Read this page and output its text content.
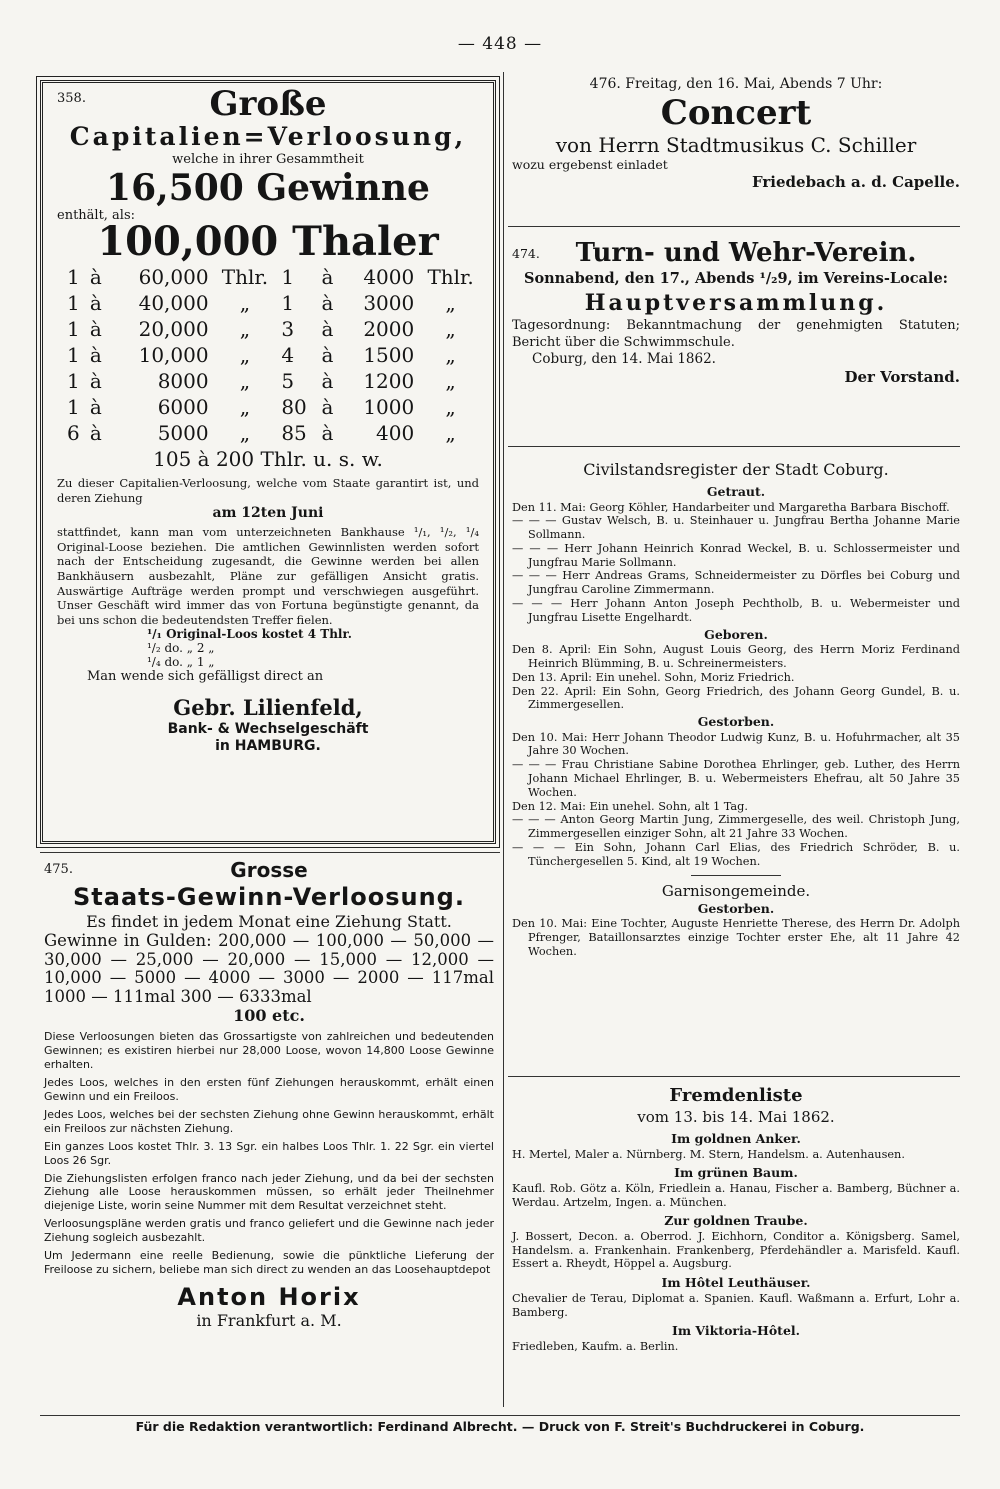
— 448 —
358.	Große
Capitalien=Verloosung,
welche in ihrer Gesammtheit
16,500 Gewinne
enthält, als:
100,000 Thaler
1	à	60,000	Thlr.	1	à	4000	Thlr.
1	à	40,000	„	1	à	3000	„
1	à	20,000	„	3	à	2000	„
1	à	10,000	„	4	à	1500	„
1	à	8000	„	5	à	1200	„
1	à	6000	„	80	à	1000	„
6	à	5000	„	85	à	400	„
105 à 200 Thlr. u. s. w.
Zu dieser Capitalien-Verloosung, welche vom Staate garantirt ist, und deren Ziehung
am 12ten Juni
stattfindet, kann man vom unterzeichneten Bankhause ¹/₁, ¹/₂, ¹/₄ Original-Loose beziehen. Die amtlichen Gewinnlisten werden sofort nach der Entscheidung zugesandt, die Gewinne werden bei allen Bankhäusern ausbezahlt, Pläne zur gefälligen Ansicht gratis. Auswärtige Aufträge werden prompt und verschwiegen ausgeführt. Unser Geschäft wird immer das von Fortuna begünstigte genannt, da bei uns schon die bedeutendsten Treffer fielen.
¹/₁ Original-Loos kostet 4 Thlr.
¹/₂ do. „ 2 „
¹/₄ do. „ 1 „
Man wende sich gefälligst direct an
Gebr. Lilienfeld,
Bank- & Wechselgeschäft
in HAMBURG.
475.	Grosse
Staats-Gewinn-Verloosung.
Es findet in jedem Monat eine Ziehung Statt.
Gewinne in Gulden: 200,000 — 100,000 — 50,000 — 30,000 — 25,000 — 20,000 — 15,000 — 12,000 — 10,000 — 5000 — 4000 — 3000 — 2000 — 117mal 1000 — 111mal 300 — 6333mal
100 etc.
Diese Verloosungen bieten das Grossartigste von zahlreichen und bedeutenden Gewinnen; es existiren hierbei nur 28,000 Loose, wovon 14,800 Loose Gewinne erhalten.
Jedes Loos, welches in den ersten fünf Ziehungen herauskommt, erhält einen Gewinn und ein Freiloos.
Jedes Loos, welches bei der sechsten Ziehung ohne Gewinn herauskommt, erhält ein Freiloos zur nächsten Ziehung.
Ein ganzes Loos kostet Thlr. 3. 13 Sgr. ein halbes Loos Thlr. 1. 22 Sgr. ein viertel Loos 26 Sgr.
Die Ziehungslisten erfolgen franco nach jeder Ziehung, und da bei der sechsten Ziehung alle Loose herauskommen müssen, so erhält jeder Theilnehmer diejenige Liste, worin seine Nummer mit dem Resultat verzeichnet steht.
Verloosungspläne werden gratis und franco geliefert und die Gewinne nach jeder Ziehung sogleich ausbezahlt.
Um Jedermann eine reelle Bedienung, sowie die pünktliche Lieferung der Freiloose zu sichern, beliebe man sich direct zu wenden an das Loosehauptdepot
Anton Horix
in Frankfurt a. M.
476. Freitag, den 16. Mai, Abends 7 Uhr:
Concert
von Herrn Stadtmusikus C. Schiller
wozu ergebenst einladet
Friedebach a. d. Capelle.
474.	Turn- und Wehr-Verein.
Sonnabend, den 17., Abends ¹/₂9, im Vereins-Locale:
Hauptversammlung.
Tagesordnung: Bekanntmachung der genehmigten Statuten; Bericht über die Schwimmschule.
Coburg, den 14. Mai 1862.
Der Vorstand.
Civilstandsregister der Stadt Coburg.
Getraut.
Den 11. Mai: Georg Köhler, Handarbeiter und Margaretha Barbara Bischoff.
— — — Gustav Welsch, B. u. Steinhauer u. Jungfrau Bertha Johanne Marie Sollmann.
— — — Herr Johann Heinrich Konrad Weckel, B. u. Schlossermeister und Jungfrau Marie Sollmann.
— — — Herr Andreas Grams, Schneidermeister zu Dörfles bei Coburg und Jungfrau Caroline Zimmermann.
— — — Herr Johann Anton Joseph Pechtholb, B. u. Webermeister und Jungfrau Lisette Engelhardt.
Geboren.
Den 8. April: Ein Sohn, August Louis Georg, des Herrn Moriz Ferdinand Heinrich Blümming, B. u. Schreinermeisters.
Den 13. April: Ein unehel. Sohn, Moriz Friedrich.
Den 22. April: Ein Sohn, Georg Friedrich, des Johann Georg Gundel, B. u. Zimmergesellen.
Gestorben.
Den 10. Mai: Herr Johann Theodor Ludwig Kunz, B. u. Hofuhrmacher, alt 35 Jahre 30 Wochen.
— — — Frau Christiane Sabine Dorothea Ehrlinger, geb. Luther, des Herrn Johann Michael Ehrlinger, B. u. Webermeisters Ehefrau, alt 50 Jahre 35 Wochen.
Den 12. Mai: Ein unehel. Sohn, alt 1 Tag.
— — — Anton Georg Martin Jung, Zimmergeselle, des weil. Christoph Jung, Zimmergesellen einziger Sohn, alt 21 Jahre 33 Wochen.
— — — Ein Sohn, Johann Carl Elias, des Friedrich Schröder, B. u. Tünchergesellen 5. Kind, alt 19 Wochen.
Garnisongemeinde.
Gestorben.
Den 10. Mai: Eine Tochter, Auguste Henriette Therese, des Herrn Dr. Adolph Pfrenger, Bataillonsarztes einzige Tochter erster Ehe, alt 11 Jahre 42 Wochen.
Fremdenliste
vom 13. bis 14. Mai 1862.
Im goldnen Anker.
H. Mertel, Maler a. Nürnberg. M. Stern, Handelsm. a. Autenhausen.
Im grünen Baum.
Kaufl. Rob. Götz a. Köln, Friedlein a. Hanau, Fischer a. Bamberg, Büchner a. Werdau. Artzelm, Ingen. a. München.
Zur goldnen Traube.
J. Bossert, Decon. a. Oberrod. J. Eichhorn, Conditor a. Königsberg. Samel, Handelsm. a. Frankenhain. Frankenberg, Pferdehändler a. Marisfeld. Kaufl. Essert a. Rheydt, Höppel a. Augsburg.
Im Hôtel Leuthäuser.
Chevalier de Terau, Diplomat a. Spanien. Kaufl. Waßmann a. Erfurt, Lohr a. Bamberg.
Im Viktoria-Hôtel.
Friedleben, Kaufm. a. Berlin.
Für die Redaktion verantwortlich: Ferdinand Albrecht. — Druck von F. Streit's Buchdruckerei in Coburg.
